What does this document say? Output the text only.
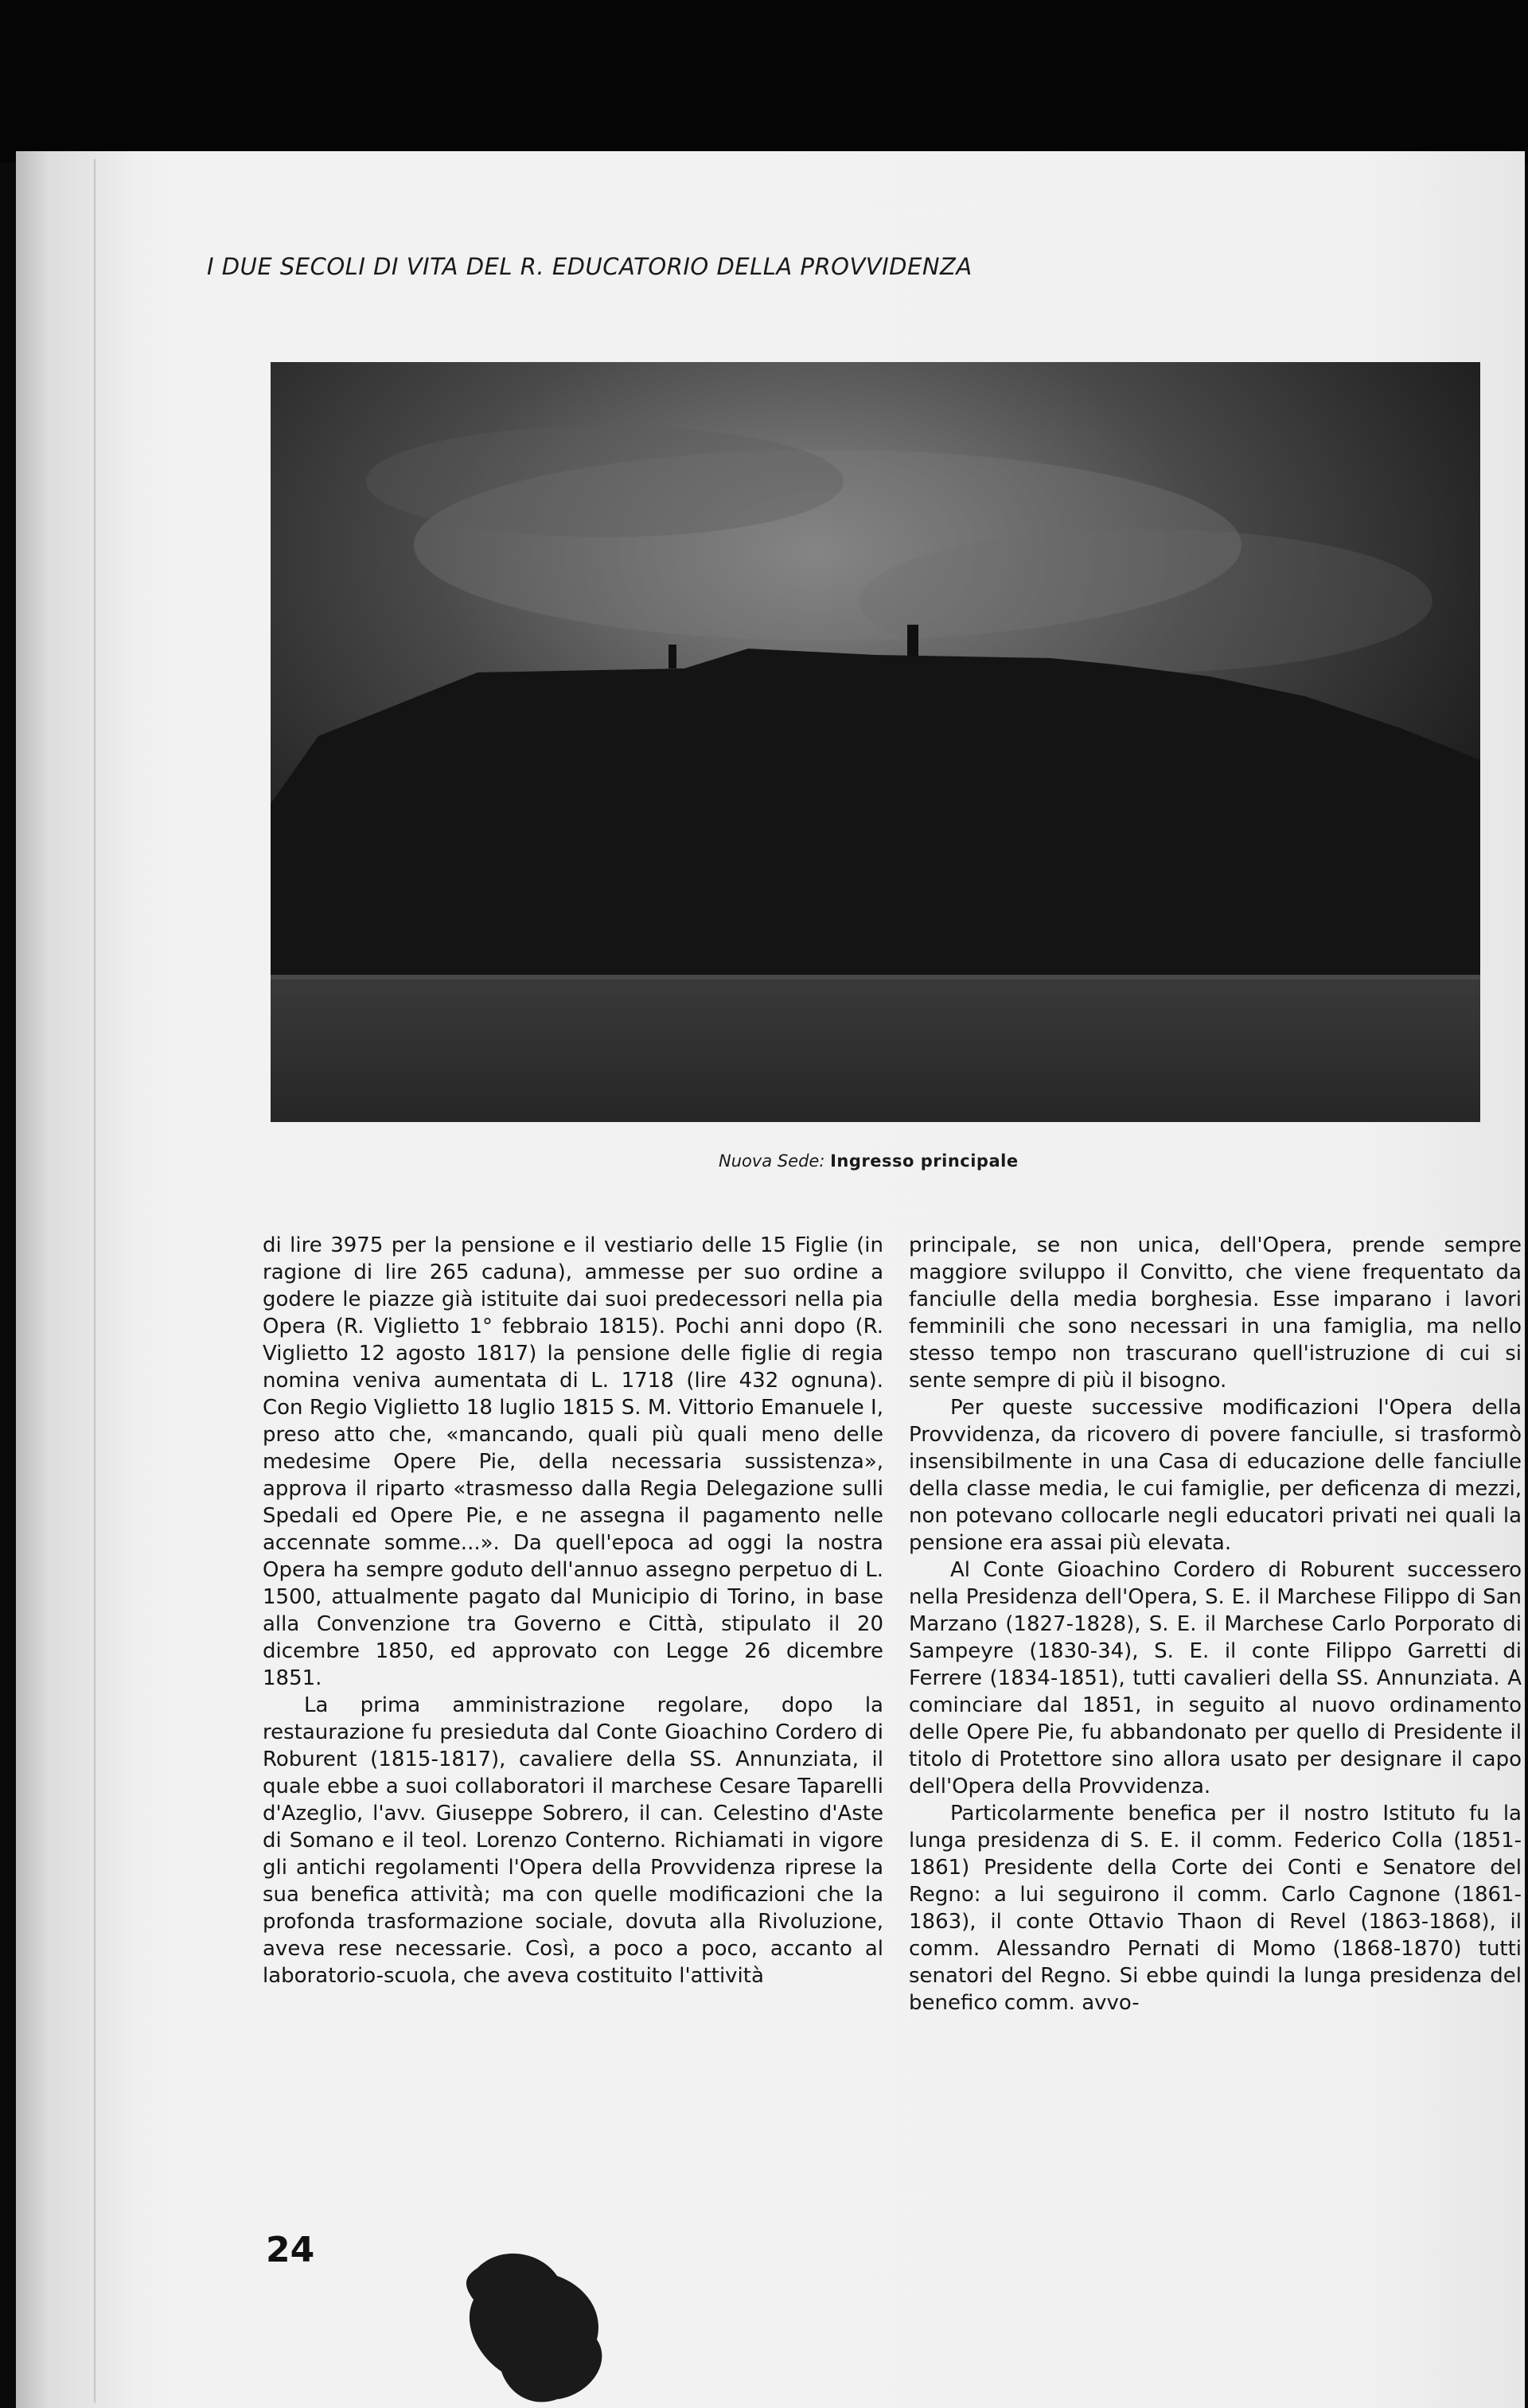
I DUE SECOLI DI VITA DEL R. EDUCATORIO DELLA PROVVIDENZA
Nuova Sede: Ingresso principale

di lire 3975 per la pensione e il vestiario delle 15 Figlie (in ragione di lire 265 caduna), ammesse per suo ordine a godere le piazze già istituite dai suoi predecessori nella pia Opera (R. Viglietto 1° febbraio 1815). Pochi anni dopo (R. Viglietto 12 agosto 1817) la pensione delle figlie di regia nomina veniva aumentata di L. 1718 (lire 432 ognuna). Con Regio Viglietto 18 luglio 1815 S. M. Vittorio Emanuele I, preso atto che, «mancando, quali più quali meno delle medesime Opere Pie, della necessaria sussistenza», approva il riparto «trasmesso dalla Regia Delegazione sulli Spedali ed Opere Pie, e ne assegna il pagamento nelle accennate somme...». Da quell'epoca ad oggi la nostra Opera ha sempre goduto dell'annuo assegno perpetuo di L. 1500, attualmente pagato dal Municipio di Torino, in base alla Convenzione tra Governo e Città, stipulato il 20 dicembre 1850, ed approvato con Legge 26 dicembre 1851.

La prima amministrazione regolare, dopo la restaurazione fu presieduta dal Conte Gioachino Cordero di Roburent (1815-1817), cavaliere della SS. Annunziata, il quale ebbe a suoi collaboratori il marchese Cesare Taparelli d'Azeglio, l'avv. Giuseppe Sobrero, il can. Celestino d'Aste di Somano e il teol. Lorenzo Conterno. Richiamati in vigore gli antichi regolamenti l'Opera della Provvidenza riprese la sua benefica attività; ma con quelle modificazioni che la profonda trasformazione sociale, dovuta alla Rivoluzione, aveva rese necessarie. Così, a poco a poco, accanto al laboratorio-scuola, che aveva costituito l'attività

principale, se non unica, dell'Opera, prende sempre maggiore sviluppo il Convitto, che viene frequentato da fanciulle della media borghesia. Esse imparano i lavori femminili che sono necessari in una famiglia, ma nello stesso tempo non trascurano quell'istruzione di cui si sente sempre di più il bisogno.

Per queste successive modificazioni l'Opera della Provvidenza, da ricovero di povere fanciulle, si trasformò insensibilmente in una Casa di educazione delle fanciulle della classe media, le cui famiglie, per deficenza di mezzi, non potevano collocarle negli educatori privati nei quali la pensione era assai più elevata.

Al Conte Gioachino Cordero di Roburent successero nella Presidenza dell'Opera, S. E. il Marchese Filippo di San Marzano (1827-1828), S. E. il Marchese Carlo Porporato di Sampeyre (1830-34), S. E. il conte Filippo Garretti di Ferrere (1834-1851), tutti cavalieri della SS. Annunziata. A cominciare dal 1851, in seguito al nuovo ordinamento delle Opere Pie, fu abbandonato per quello di Presidente il titolo di Protettore sino allora usato per designare il capo dell'Opera della Provvidenza.

Particolarmente benefica per il nostro Istituto fu la lunga presidenza di S. E. il comm. Federico Colla (1851-1861) Presidente della Corte dei Conti e Senatore del Regno: a lui seguirono il comm. Carlo Cagnone (1861-1863), il conte Ottavio Thaon di Revel (1863-1868), il comm. Alessandro Pernati di Momo (1868-1870) tutti senatori del Regno. Si ebbe quindi la lunga presidenza del benefico comm. avvo-

24
